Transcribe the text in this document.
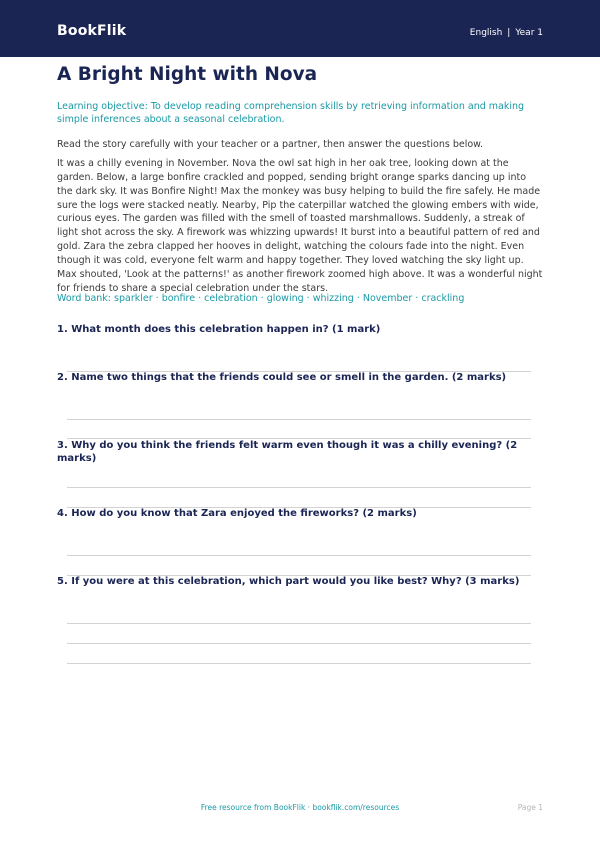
BookFlik	English | Year 1
A Bright Night with Nova
Learning objective: To develop reading comprehension skills by retrieving information and making simple inferences about a seasonal celebration.
Read the story carefully with your teacher or a partner, then answer the questions below.

It was a chilly evening in November. Nova the owl sat high in her oak tree, looking down at the garden. Below, a large bonfire crackled and popped, sending bright orange sparks dancing up into the dark sky. It was Bonfire Night! Max the monkey was busy helping to build the fire safely. He made sure the logs were stacked neatly. Nearby, Pip the caterpillar watched the glowing embers with wide, curious eyes. The garden was filled with the smell of toasted marshmallows. Suddenly, a streak of light shot across the sky. A firework was whizzing upwards! It burst into a beautiful pattern of red and gold. Zara the zebra clapped her hooves in delight, watching the colours fade into the night. Even though it was cold, everyone felt warm and happy together. They loved watching the sky light up. Max shouted, 'Look at the patterns!' as another firework zoomed high above. It was a wonderful night for friends to share a special celebration under the stars.

Word bank: sparkler · bonfire · celebration · glowing · whizzing · November · crackling
1. What month does this celebration happen in? (1 mark)
2. Name two things that the friends could see or smell in the garden. (2 marks)
3. Why do you think the friends felt warm even though it was a chilly evening? (2 marks)
4. How do you know that Zara enjoyed the fireworks? (2 marks)
5. If you were at this celebration, which part would you like best? Why? (3 marks)
Free resource from BookFlik · bookflik.com/resources	Page 1
